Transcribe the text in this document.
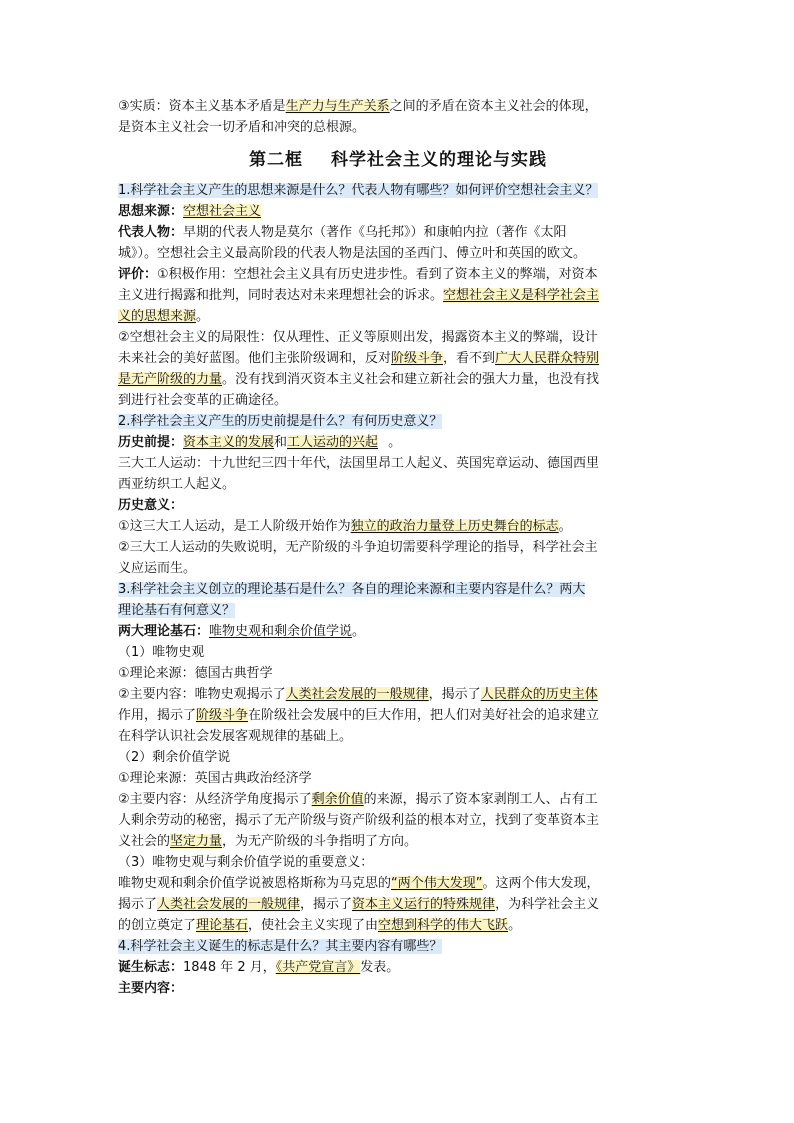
③实质：资本主义基本矛盾是生产力与生产关系之间的矛盾在资本主义社会的体现，

是资本主义社会一切矛盾和冲突的总根源。

第二框 科学社会主义的理论与实践

1.科学社会主义产生的思想来源是什么？代表人物有哪些？如何评价空想社会主义？

思想来源：空想社会主义

代表人物：早期的代表人物是莫尔（著作《乌托邦》）和康帕内拉（著作《太阳

城》）。空想社会主义最高阶段的代表人物是法国的圣西门、傅立叶和英国的欧文。

评价：①积极作用：空想社会主义具有历史进步性。看到了资本主义的弊端，对资本

主义进行揭露和批判，同时表达对未来理想社会的诉求。空想社会主义是科学社会主

义的思想来源。

②空想社会主义的局限性：仅从理性、正义等原则出发，揭露资本主义的弊端，设计

未来社会的美好蓝图。他们主张阶级调和，反对阶级斗争，看不到广大人民群众特别

是无产阶级的力量。没有找到消灭资本主义社会和建立新社会的强大力量，也没有找

到进行社会变革的正确途径。

2.科学社会主义产生的历史前提是什么？有何历史意义？

历史前提：资本主义的发展和工人运动的兴起 。

三大工人运动：十九世纪三四十年代，法国里昂工人起义、英国宪章运动、德国西里

西亚纺织工人起义。

历史意义：

①这三大工人运动，是工人阶级开始作为独立的政治力量登上历史舞台的标志。

②三大工人运动的失败说明，无产阶级的斗争迫切需要科学理论的指导，科学社会主

义应运而生。

3.科学社会主义创立的理论基石是什么？各自的理论来源和主要内容是什么？两大

理论基石有何意义？

两大理论基石：唯物史观和剩余价值学说。

（1）唯物史观

①理论来源：德国古典哲学

②主要内容：唯物史观揭示了人类社会发展的一般规律，揭示了人民群众的历史主体

作用，揭示了阶级斗争在阶级社会发展中的巨大作用，把人们对美好社会的追求建立

在科学认识社会发展客观规律的基础上。

（2）剩余价值学说

①理论来源：英国古典政治经济学

②主要内容：从经济学角度揭示了剩余价值的来源，揭示了资本家剥削工人、占有工

人剩余劳动的秘密，揭示了无产阶级与资产阶级利益的根本对立，找到了变革资本主

义社会的坚定力量，为无产阶级的斗争指明了方向。

（3）唯物史观与剩余价值学说的重要意义：

唯物史观和剩余价值学说被恩格斯称为马克思的“两个伟大发现”。这两个伟大发现，

揭示了人类社会发展的一般规律，揭示了资本主义运行的特殊规律，为科学社会主义

的创立奠定了理论基石，使社会主义实现了由空想到科学的伟大飞跃。

4.科学社会主义诞生的标志是什么？其主要内容有哪些？

诞生标志：1848 年 2 月，《共产党宣言》发表。

主要内容：
